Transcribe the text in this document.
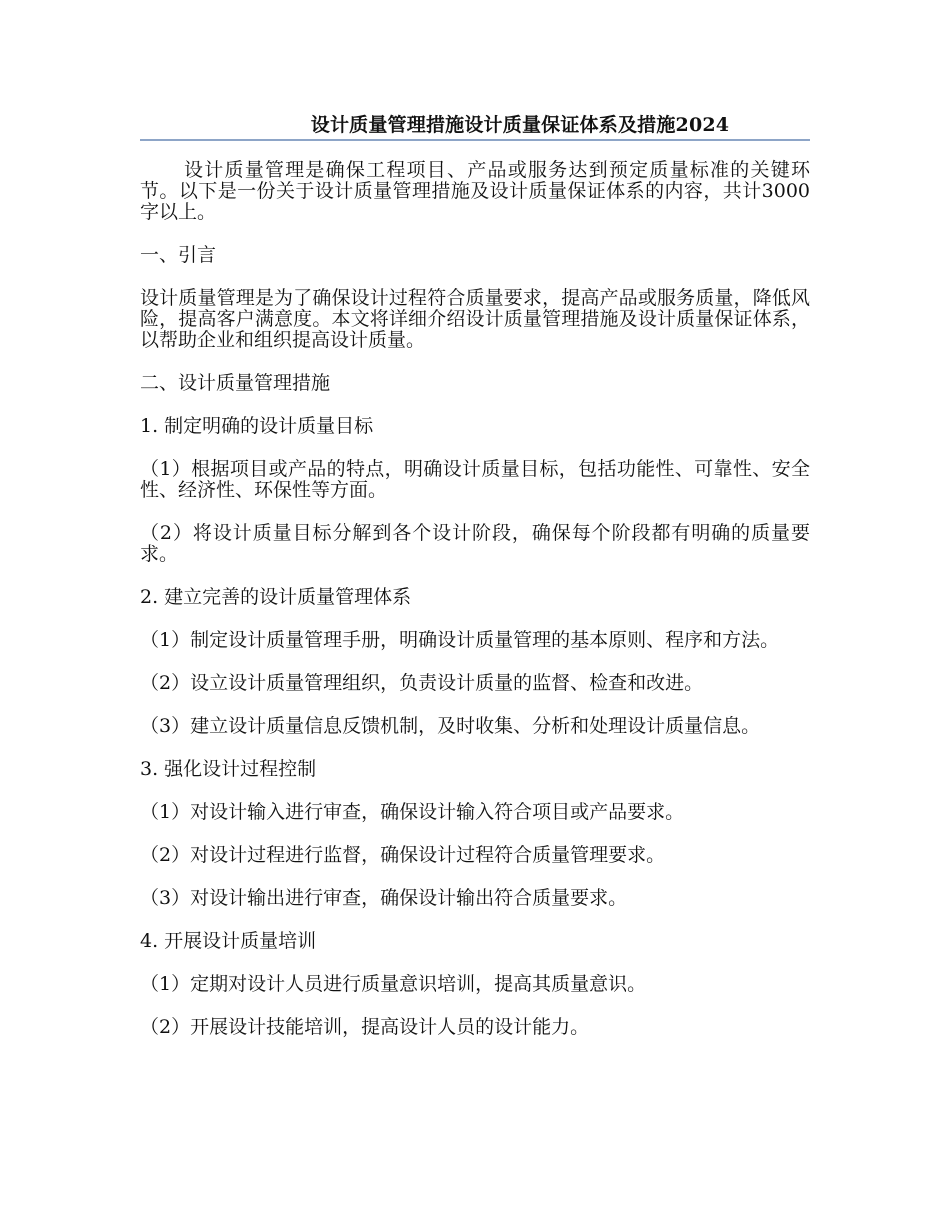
设计质量管理措施设计质量保证体系及措施2024

设计质量管理是确保工程项目、产品或服务达到预定质量标准的关键环节。以下是一份关于设计质量管理措施及设计质量保证体系的内容，共计3000字以上。

一、引言

设计质量管理是为了确保设计过程符合质量要求，提高产品或服务质量，降低风险，提高客户满意度。本文将详细介绍设计质量管理措施及设计质量保证体系，以帮助企业和组织提高设计质量。

二、设计质量管理措施

1. 制定明确的设计质量目标

（1）根据项目或产品的特点，明确设计质量目标，包括功能性、可靠性、安全性、经济性、环保性等方面。

（2）将设计质量目标分解到各个设计阶段，确保每个阶段都有明确的质量要求。

2. 建立完善的设计质量管理体系

（1）制定设计质量管理手册，明确设计质量管理的基本原则、程序和方法。

（2）设立设计质量管理组织，负责设计质量的监督、检查和改进。

（3）建立设计质量信息反馈机制，及时收集、分析和处理设计质量信息。

3. 强化设计过程控制

（1）对设计输入进行审查，确保设计输入符合项目或产品要求。

（2）对设计过程进行监督，确保设计过程符合质量管理要求。

（3）对设计输出进行审查，确保设计输出符合质量要求。

4. 开展设计质量培训

（1）定期对设计人员进行质量意识培训，提高其质量意识。

（2）开展设计技能培训，提高设计人员的设计能力。
